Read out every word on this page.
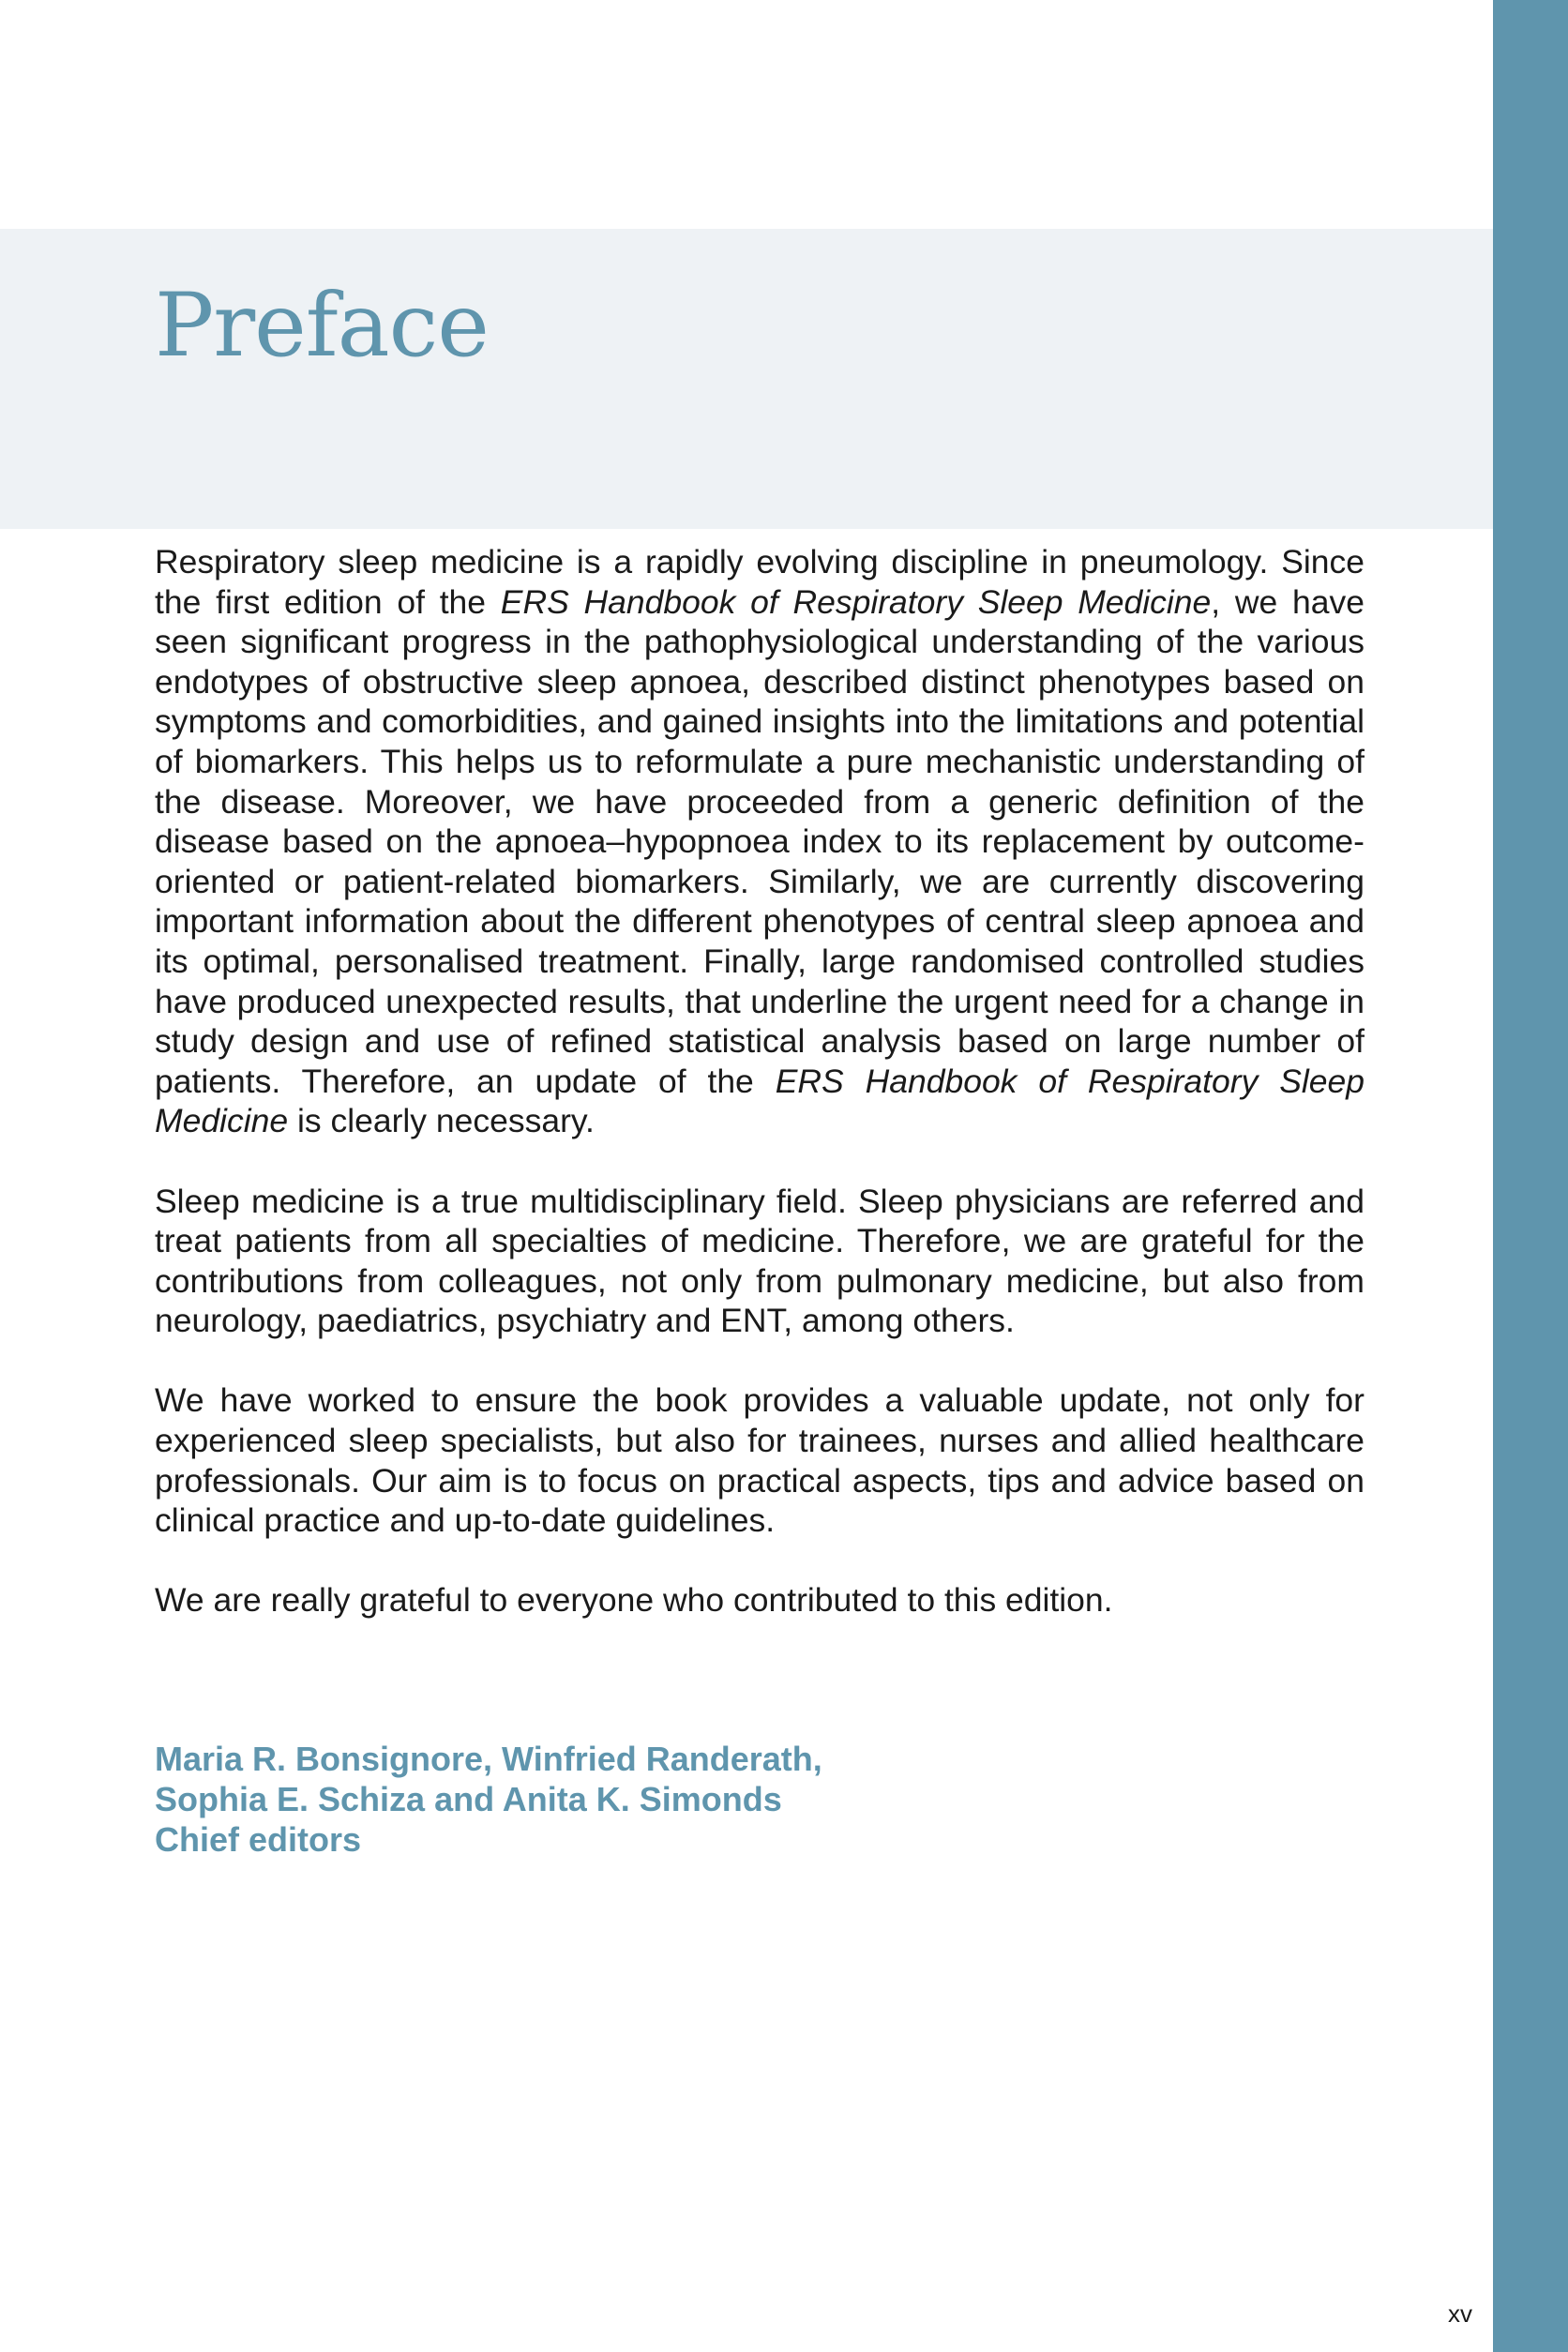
Preface

Respiratory sleep medicine is a rapidly evolving discipline in pneumology. Since the first edition of the ERS Handbook of Respiratory Sleep Medicine, we have seen significant progress in the pathophysiological understanding of the various endotypes of obstructive sleep apnoea, described distinct phenotypes based on symptoms and comorbidities, and gained insights into the limitations and potential of biomarkers. This helps us to reformulate a pure mechanistic understanding of the disease. Moreover, we have proceeded from a generic definition of the disease based on the apnoea–hypopnoea index to its replacement by outcome-oriented or patient-related biomarkers. Similarly, we are currently discovering important information about the different phenotypes of central sleep apnoea and its optimal, personalised treatment. Finally, large randomised controlled studies have produced unexpected results, that underline the urgent need for a change in study design and use of refined statistical analysis based on large number of patients. Therefore, an update of the ERS Handbook of Respiratory Sleep Medicine is clearly necessary.

Sleep medicine is a true multidisciplinary field. Sleep physicians are referred and treat patients from all specialties of medicine. Therefore, we are grateful for the contributions from colleagues, not only from pulmonary medicine, but also from neurology, paediatrics, psychiatry and ENT, among others.

We have worked to ensure the book provides a valuable update, not only for experienced sleep specialists, but also for trainees, nurses and allied healthcare professionals. Our aim is to focus on practical aspects, tips and advice based on clinical practice and up-to-date guidelines.

We are really grateful to everyone who contributed to this edition.

Maria R. Bonsignore, Winfried Randerath,
Sophia E. Schiza and Anita K. Simonds
Chief editors
xv
